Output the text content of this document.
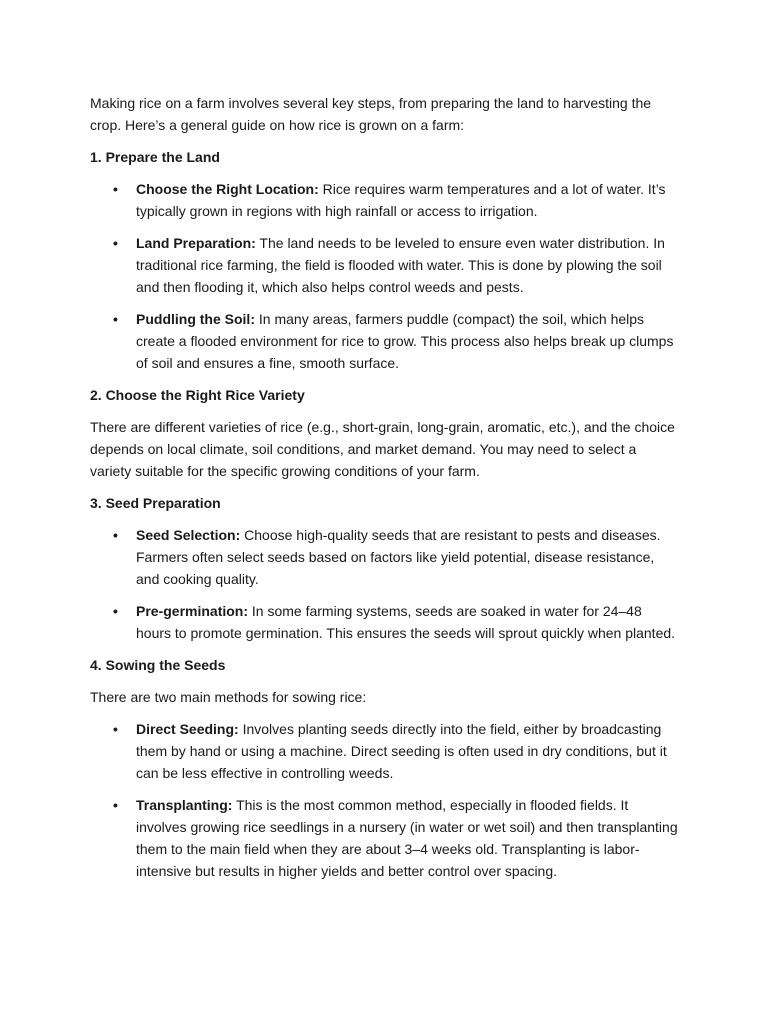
Making rice on a farm involves several key steps, from preparing the land to harvesting the crop. Here’s a general guide on how rice is grown on a farm:

1. Prepare the Land
• Choose the Right Location: Rice requires warm temperatures and a lot of water. It’s typically grown in regions with high rainfall or access to irrigation.
• Land Preparation: The land needs to be leveled to ensure even water distribution. In traditional rice farming, the field is flooded with water. This is done by plowing the soil and then flooding it, which also helps control weeds and pests.
• Puddling the Soil: In many areas, farmers puddle (compact) the soil, which helps create a flooded environment for rice to grow. This process also helps break up clumps of soil and ensures a fine, smooth surface.
2. Choose the Right Rice Variety

There are different varieties of rice (e.g., short-grain, long-grain, aromatic, etc.), and the choice depends on local climate, soil conditions, and market demand. You may need to select a variety suitable for the specific growing conditions of your farm.

3. Seed Preparation
• Seed Selection: Choose high-quality seeds that are resistant to pests and diseases. Farmers often select seeds based on factors like yield potential, disease resistance, and cooking quality.
• Pre-germination: In some farming systems, seeds are soaked in water for 24–48 hours to promote germination. This ensures the seeds will sprout quickly when planted.
4. Sowing the Seeds

There are two main methods for sowing rice:

• Direct Seeding: Involves planting seeds directly into the field, either by broadcasting them by hand or using a machine. Direct seeding is often used in dry conditions, but it can be less effective in controlling weeds.
• Transplanting: This is the most common method, especially in flooded fields. It involves growing rice seedlings in a nursery (in water or wet soil) and then transplanting them to the main field when they are about 3–4 weeks old. Transplanting is labor-intensive but results in higher yields and better control over spacing.
